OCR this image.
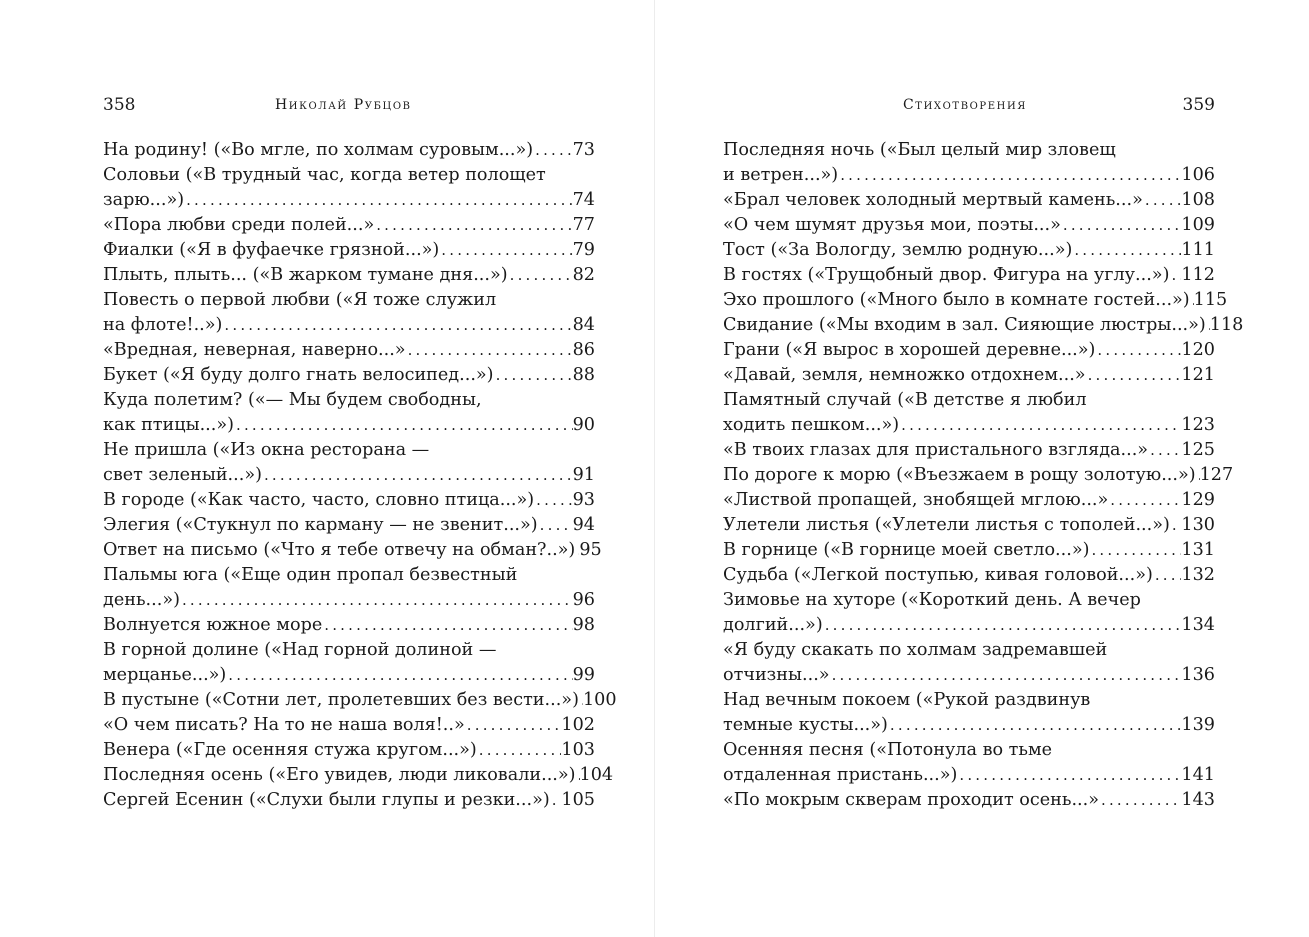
358	Николай Рубцов
На родину! («Во мгле, по холмам суровым...») ..... 73
Соловьи («В трудный час, когда ветер полощет
зарю...») .....	74
«Пора любви среди полей...» .....	77
Фиалки («Я в фуфаечке грязной...») .....	79
Плыть, плыть... («В жарком тумане дня...») .....	82
Повесть о первой любви («Я тоже служил
на флоте!..») .....	84
«Вредная, неверная, наверно...» .....	86
Букет («Я буду долго гнать велосипед...») .....	88
Куда полетим? («— Мы будем свободны,
как птицы...») .....	90
Не пришла («Из окна ресторана —
свет зеленый...») .....	91
В городе («Как часто, часто, словно птица...») ..... 93
Элегия («Стукнул по карману — не звенит...») ..... 94
Ответ на письмо («Что я тебе отвечу на обман?..») ..... 95
Пальмы юга («Еще один пропал безвестный
день...») .....	96
Волнуется южное море .....	98
В горной долине («Над горной долиной —
мерцанье...») .....	99
В пустыне («Сотни лет, пролетевших без вести...») ..... 100
«О чем писать? На то не наша воля!..» .....	102
Венера («Где осенняя стужа кругом...») .....	103
Последняя осень («Его увидев, люди ликовали...») ..... 104
Сергей Есенин («Слухи были глупы и резки...») ..... 105
Стихотворения	359
Последняя ночь («Был целый мир зловещ
и ветрен...») .....	106
«Брал человек холодный мертвый камень...» ..... 108
«О чем шумят друзья мои, поэты...» .....	109
Тост («За Вологду, землю родную...») .....	111
В гостях («Трущобный двор. Фигура на углу...») ..... 112
Эхо прошлого («Много было в комнате гостей...») ..... 115
Свидание («Мы входим в зал. Сияющие люстры...») ..... 118
Грани («Я вырос в хорошей деревне...») .....	120
«Давай, земля, немножко отдохнем...» .....	121
Памятный случай («В детстве я любил
ходить пешком...») .....	123
«В твоих глазах для пристального взгляда...» ..... 125
По дороге к морю («Въезжаем в рощу золотую...») ..... 127
«Листвой пропащей, знобящей мглою...» .....	129
Улетели листья («Улетели листья с тополей...») ..... 130
В горнице («В горнице моей светло...») .....	131
Судьба («Легкой поступью, кивая головой...») ..... 132
Зимовье на хуторе («Короткий день. А вечер
долгий...») .....	134
«Я буду скакать по холмам задремавшей
отчизны...» .....	136
Над вечным покоем («Рукой раздвинув
темные кусты...») .....	139
Осенняя песня («Потонула во тьме
отдаленная пристань...») .....	141
«По мокрым скверам проходит осень...» .....	143
